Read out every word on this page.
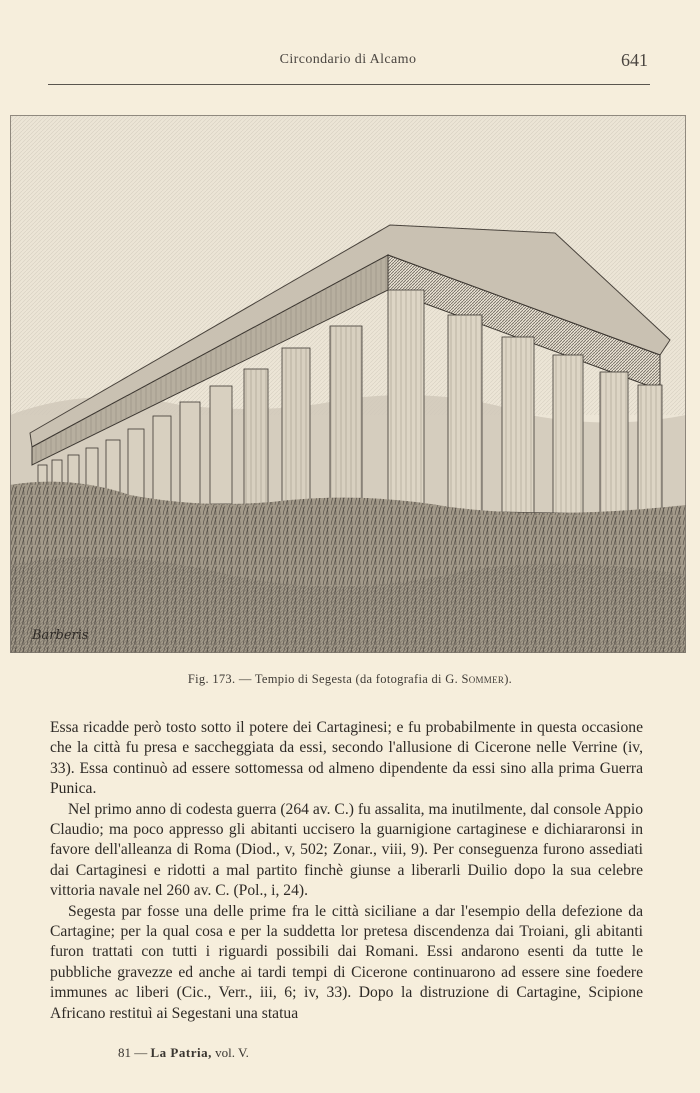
Circondario di Alcamo	641
Barberis
Fig. 173. — Tempio di Segesta (da fotografia di G. Sommer).

Essa ricadde però tosto sotto il potere dei Cartaginesi; e fu probabilmente in questa occasione che la città fu presa e saccheggiata da essi, secondo l'allusione di Cicerone nelle Verrine (iv, 33). Essa continuò ad essere sottomessa od almeno dipendente da essi sino alla prima Guerra Punica.

Nel primo anno di codesta guerra (264 av. C.) fu assalita, ma inutilmente, dal console Appio Claudio; ma poco appresso gli abitanti uccisero la guarnigione cartaginese e dichiararonsi in favore dell'alleanza di Roma (Diod., v, 502; Zonar., viii, 9). Per conseguenza furono assediati dai Cartaginesi e ridotti a mal partito finchè giunse a liberarli Duilio dopo la sua celebre vittoria navale nel 260 av. C. (Pol., i, 24).

Segesta par fosse una delle prime fra le città siciliane a dar l'esempio della defezione da Cartagine; per la qual cosa e per la suddetta lor pretesa discendenza dai Troiani, gli abitanti furon trattati con tutti i riguardi possibili dai Romani. Essi andarono esenti da tutte le pubbliche gravezze ed anche ai tardi tempi di Cicerone continuarono ad essere sine foedere immunes ac liberi (Cic., Verr., iii, 6; iv, 33). Dopo la distruzione di Cartagine, Scipione Africano restituì ai Segestani una statua

81 — La Patria, vol. V.
